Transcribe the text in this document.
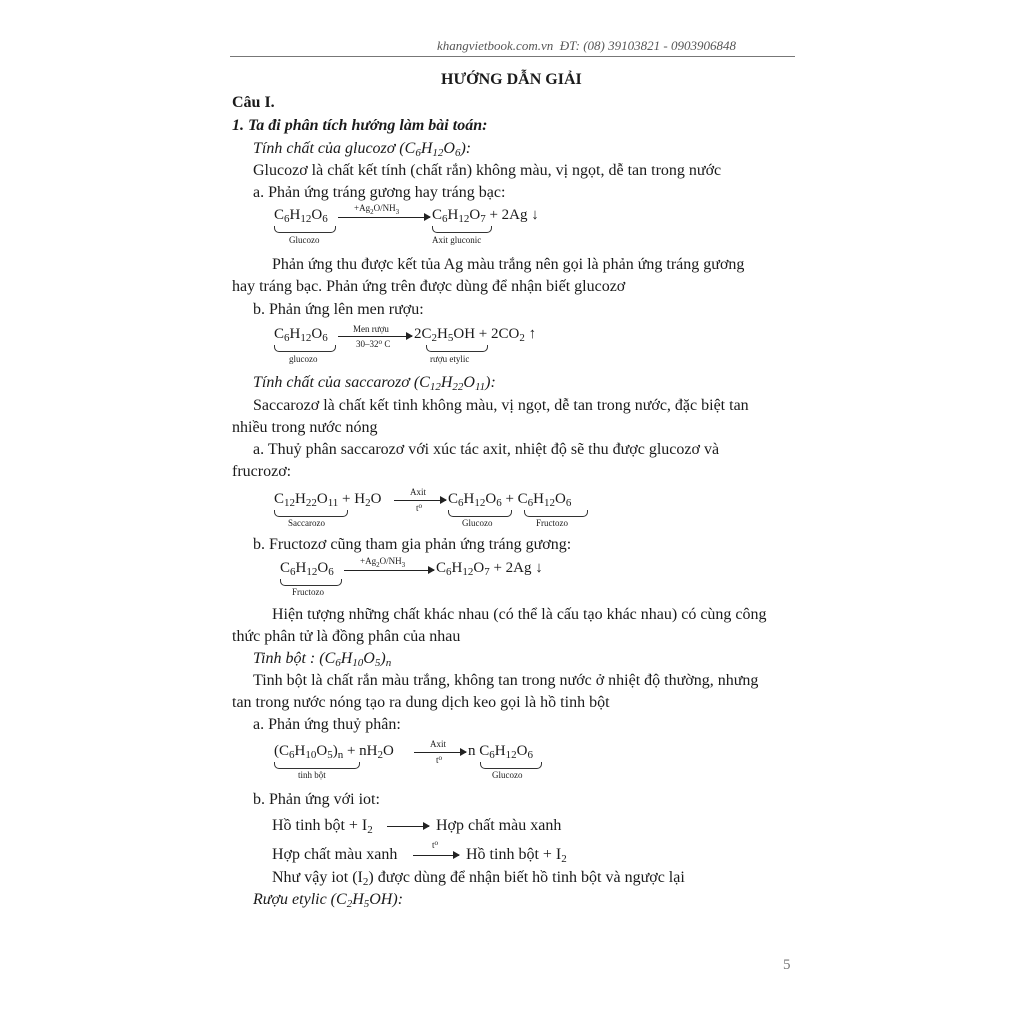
khangvietbook.com.vn ĐT: (08) 39103821 - 0903906848
HƯỚNG DẪN GIẢI
Câu I.
1. Ta đi phân tích hướng làm bài toán:
Tính chất của glucozơ $(C_6H_{12}O_6)$:
Glucozơ là chất kết tính (chất rắn) không màu, vị ngọt, dễ tan trong nước
a. Phản ứng tráng gương hay tráng bạc:
$C_6H_{12}O_6$
Glucozo
$+Ag_2O/NH_3$ $C_6H_{12}O_7 + 2Ag$ ↓
Axit gluconic
Phản ứng thu được kết tủa Ag màu trắng nên gọi là phản ứng tráng gương
hay tráng bạc. Phản ứng trên được dùng để nhận biết glucozơ
b. Phản ứng lên men rượu:
$C_6H_{12}O_6$
glucozo
Men rượu
30–32⁰ C
$2C_2H_5OH + 2CO_2$ ↑
rượu etylic
Tính chất của saccarozơ $(C_{12}H_{22}O_{11})$:
Saccarozơ là chất kết tinh không màu, vị ngọt, dễ tan trong nước, đặc biệt tan
nhiều trong nước nóng
a. Thuỷ phân saccarozơ với xúc tác axit, nhiệt độ sẽ thu được glucozơ và
frucrozơ:
$C_{12}H_{22}O_{11} + H_2O$
Saccarozo
Axit
t⁰
$C_6H_{12}O_6 + C_6H_{12}O_6$
Glucozo	Fructozo
b. Fructozơ cũng tham gia phản ứng tráng gương:
$C_6H_{12}O_6$
Fructozo
$+Ag_2O/NH_3$ $C_6H_{12}O_7 + 2Ag$ ↓
Hiện tượng những chất khác nhau (có thể là cấu tạo khác nhau) có cùng công
thức phân tử là đồng phân của nhau
Tinh bột : $(C_6H_{10}O_5)_n$
Tinh bột là chất rắn màu trắng, không tan trong nước ở nhiệt độ thường, nhưng
tan trong nước nóng tạo ra dung dịch keo gọi là hồ tinh bột
a. Phản ứng thuỷ phân:
$(C_6H_{10}O_5)_n + nH_2O$
tinh bột
Axit
t⁰
n $C_6H_{12}O_6$
Glucozo
b. Phản ứng với iot:
Hồ tinh bột + $I_2$	Hợp chất màu xanh
Hợp chất màu xanh
t⁰
Hồ tinh bột + $I_2$
Như vậy iot $(I_2)$ được dùng để nhận biết hồ tinh bột và ngược lại
Rượu etylic $(C_2H_5OH)$:
5
